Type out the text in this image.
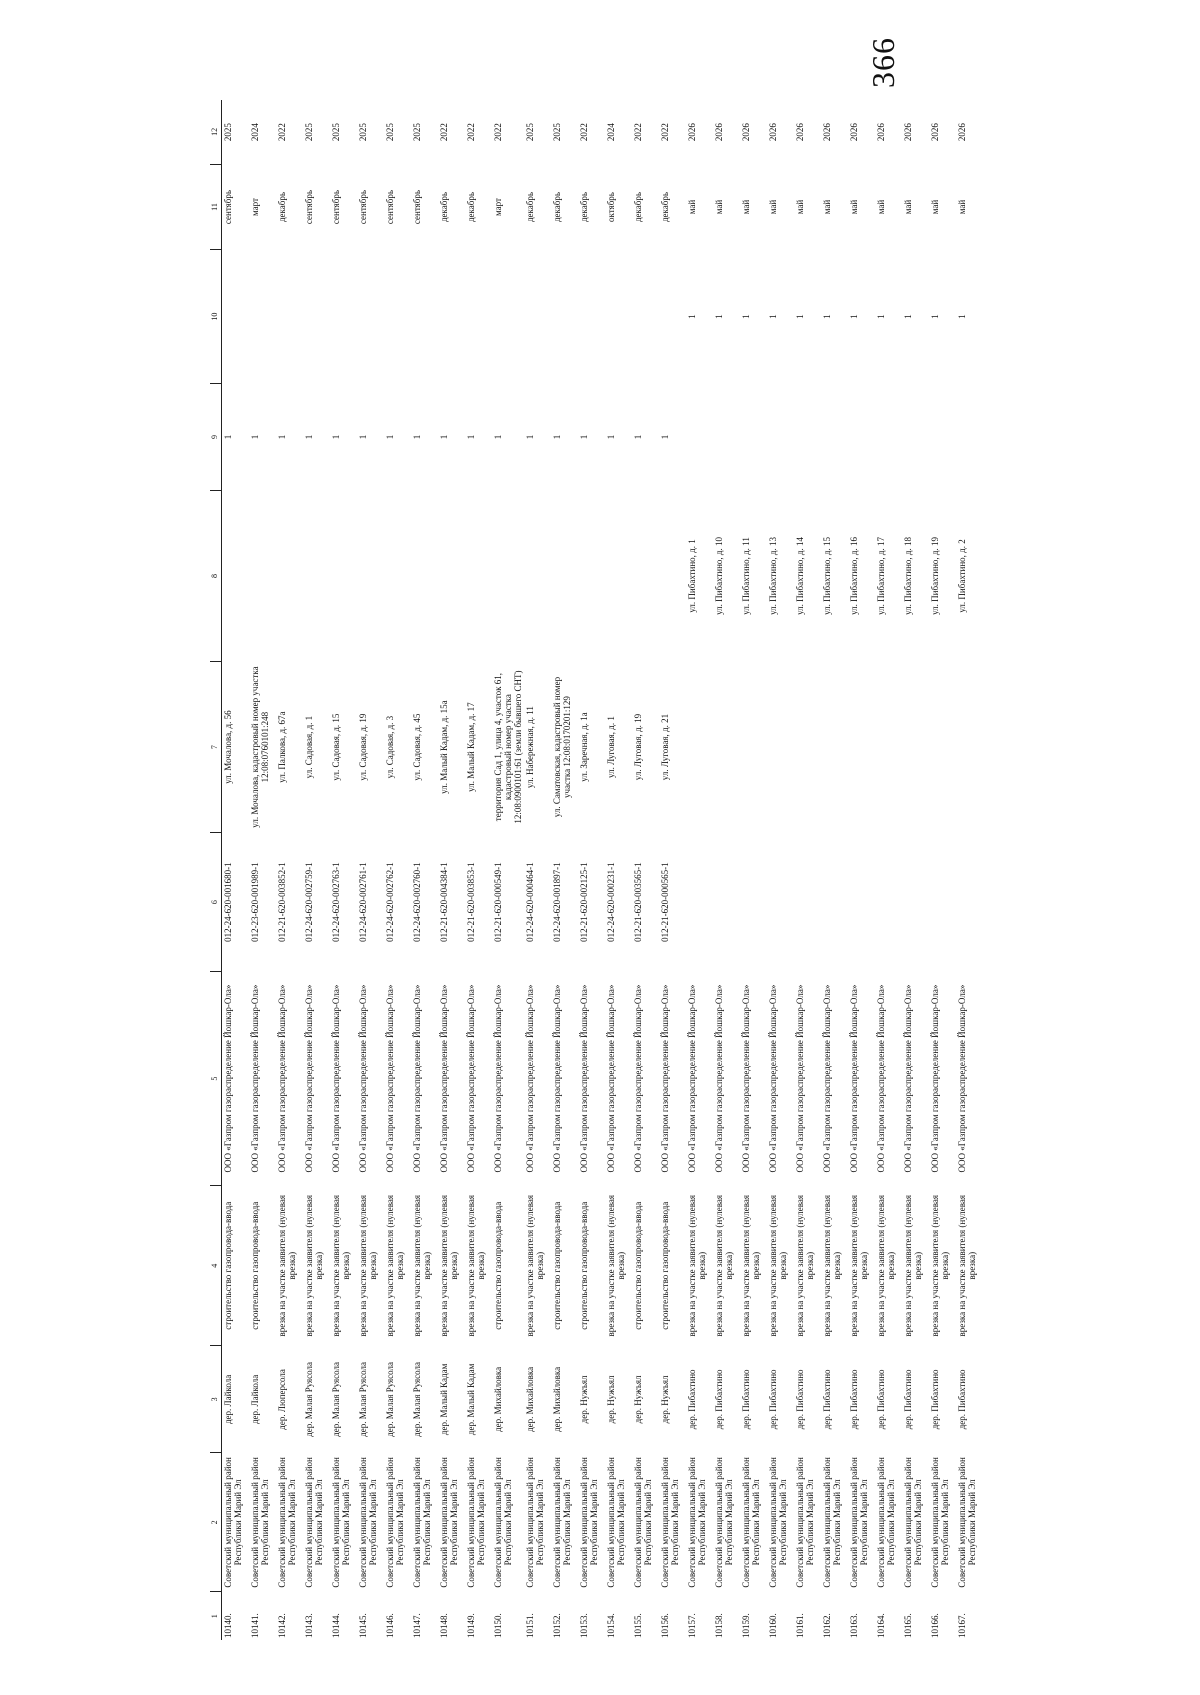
366
1	2	3	4	5	6	7	8	9	10	11	12
10140.	Советский муниципальный район Республики Марий Эл	дер. Лайкола	строительство газопровода-ввода	ООО «Газпром газораспределение Йошкар-Ола»	012-24-620-001680-1	ул. Мочалова, д. 56		1		сентябрь	2025
10141.	Советский муниципальный район Республики Марий Эл	дер. Лайкола	строительство газопровода-ввода	ООО «Газпром газораспределение Йошкар-Ола»	012-23-620-001989-1	ул. Мочалова, кадастровый номер участка 12:08:0760101:248		1		март	2024
10142.	Советский муниципальный район Республики Марий Эл	дер. Люперсола	врезка на участке заявителя (нулевая врезка)	ООО «Газпром газораспределение Йошкар-Ола»	012-21-620-003852-1	ул. Палкова, д. 67а		1		декабрь	2022
10143.	Советский муниципальный район Республики Марий Эл	дер. Малая Руясола	врезка на участке заявителя (нулевая врезка)	ООО «Газпром газораспределение Йошкар-Ола»	012-24-620-002759-1	ул. Садовая, д. 1		1		сентябрь	2025
10144.	Советский муниципальный район Республики Марий Эл	дер. Малая Руясола	врезка на участке заявителя (нулевая врезка)	ООО «Газпром газораспределение Йошкар-Ола»	012-24-620-002763-1	ул. Садовая, д. 15		1		сентябрь	2025
10145.	Советский муниципальный район Республики Марий Эл	дер. Малая Руясола	врезка на участке заявителя (нулевая врезка)	ООО «Газпром газораспределение Йошкар-Ола»	012-24-620-002761-1	ул. Садовая, д. 19		1		сентябрь	2025
10146.	Советский муниципальный район Республики Марий Эл	дер. Малая Руясола	врезка на участке заявителя (нулевая врезка)	ООО «Газпром газораспределение Йошкар-Ола»	012-24-620-002762-1	ул. Садовая, д. 3		1		сентябрь	2025
10147.	Советский муниципальный район Республики Марий Эл	дер. Малая Руясола	врезка на участке заявителя (нулевая врезка)	ООО «Газпром газораспределение Йошкар-Ола»	012-24-620-002760-1	ул. Садовая, д. 45		1		сентябрь	2025
10148.	Советский муниципальный район Республики Марий Эл	дер. Малый Кадам	врезка на участке заявителя (нулевая врезка)	ООО «Газпром газораспределение Йошкар-Ола»	012-21-620-004384-1	ул. Малый Кадам, д. 15а		1		декабрь	2022
10149.	Советский муниципальный район Республики Марий Эл	дер. Малый Кадам	врезка на участке заявителя (нулевая врезка)	ООО «Газпром газораспределение Йошкар-Ола»	012-21-620-003853-1	ул. Малый Кадам, д. 17		1		декабрь	2022
10150.	Советский муниципальный район Республики Марий Эл	дер. Михайловка	строительство газопровода-ввода	ООО «Газпром газораспределение Йошкар-Ола»	012-21-620-000549-1	территория Сад 1, улица 4, участок 61, кадастровый номер участка 12:08:0900101:61 (земли бывшего СНТ)		1		март	2022
10151.	Советский муниципальный район Республики Марий Эл	дер. Михайловка	врезка на участке заявителя (нулевая врезка)	ООО «Газпром газораспределение Йошкар-Ола»	012-24-620-000464-1	ул. Набережная, д. 11		1		декабрь	2025
10152.	Советский муниципальный район Республики Марий Эл	дер. Михайловка	строительство газопровода-ввода	ООО «Газпром газораспределение Йошкар-Ола»	012-24-620-001897-1	ул. Саматовская, кадастровый номер участка 12:08:0170201:129		1		декабрь	2025
10153.	Советский муниципальный район Республики Марий Эл	дер. Нужъял	строительство газопровода-ввода	ООО «Газпром газораспределение Йошкар-Ола»	012-21-620-002125-1	ул. Заречная, д. 1а		1		декабрь	2022
10154.	Советский муниципальный район Республики Марий Эл	дер. Нужъял	врезка на участке заявителя (нулевая врезка)	ООО «Газпром газораспределение Йошкар-Ола»	012-24-620-000231-1	ул. Луговая, д. 1		1		октябрь	2024
10155.	Советский муниципальный район Республики Марий Эл	дер. Нужъял	строительство газопровода-ввода	ООО «Газпром газораспределение Йошкар-Ола»	012-21-620-003565-1	ул. Луговая, д. 19		1		декабрь	2022
10156.	Советский муниципальный район Республики Марий Эл	дер. Нужъял	строительство газопровода-ввода	ООО «Газпром газораспределение Йошкар-Ола»	012-21-620-000565-1	ул. Луговая, д. 21		1		декабрь	2022
10157.	Советский муниципальный район Республики Марий Эл	дер. Пибахтино	врезка на участке заявителя (нулевая врезка)	ООО «Газпром газораспределение Йошкар-Ола»			ул. Пибахтино, д. 1		1	май	2026
10158.	Советский муниципальный район Республики Марий Эл	дер. Пибахтино	врезка на участке заявителя (нулевая врезка)	ООО «Газпром газораспределение Йошкар-Ола»			ул. Пибахтино, д. 10		1	май	2026
10159.	Советский муниципальный район Республики Марий Эл	дер. Пибахтино	врезка на участке заявителя (нулевая врезка)	ООО «Газпром газораспределение Йошкар-Ола»			ул. Пибахтино, д. 11		1	май	2026
10160.	Советский муниципальный район Республики Марий Эл	дер. Пибахтино	врезка на участке заявителя (нулевая врезка)	ООО «Газпром газораспределение Йошкар-Ола»			ул. Пибахтино, д. 13		1	май	2026
10161.	Советский муниципальный район Республики Марий Эл	дер. Пибахтино	врезка на участке заявителя (нулевая врезка)	ООО «Газпром газораспределение Йошкар-Ола»			ул. Пибахтино, д. 14		1	май	2026
10162.	Советский муниципальный район Республики Марий Эл	дер. Пибахтино	врезка на участке заявителя (нулевая врезка)	ООО «Газпром газораспределение Йошкар-Ола»			ул. Пибахтино, д. 15		1	май	2026
10163.	Советский муниципальный район Республики Марий Эл	дер. Пибахтино	врезка на участке заявителя (нулевая врезка)	ООО «Газпром газораспределение Йошкар-Ола»			ул. Пибахтино, д. 16		1	май	2026
10164.	Советский муниципальный район Республики Марий Эл	дер. Пибахтино	врезка на участке заявителя (нулевая врезка)	ООО «Газпром газораспределение Йошкар-Ола»			ул. Пибахтино, д. 17		1	май	2026
10165.	Советский муниципальный район Республики Марий Эл	дер. Пибахтино	врезка на участке заявителя (нулевая врезка)	ООО «Газпром газораспределение Йошкар-Ола»			ул. Пибахтино, д. 18		1	май	2026
10166.	Советский муниципальный район Республики Марий Эл	дер. Пибахтино	врезка на участке заявителя (нулевая врезка)	ООО «Газпром газораспределение Йошкар-Ола»			ул. Пибахтино, д. 19		1	май	2026
10167.	Советский муниципальный район Республики Марий Эл	дер. Пибахтино	врезка на участке заявителя (нулевая врезка)	ООО «Газпром газораспределение Йошкар-Ола»			ул. Пибахтино, д. 2		1	май	2026
